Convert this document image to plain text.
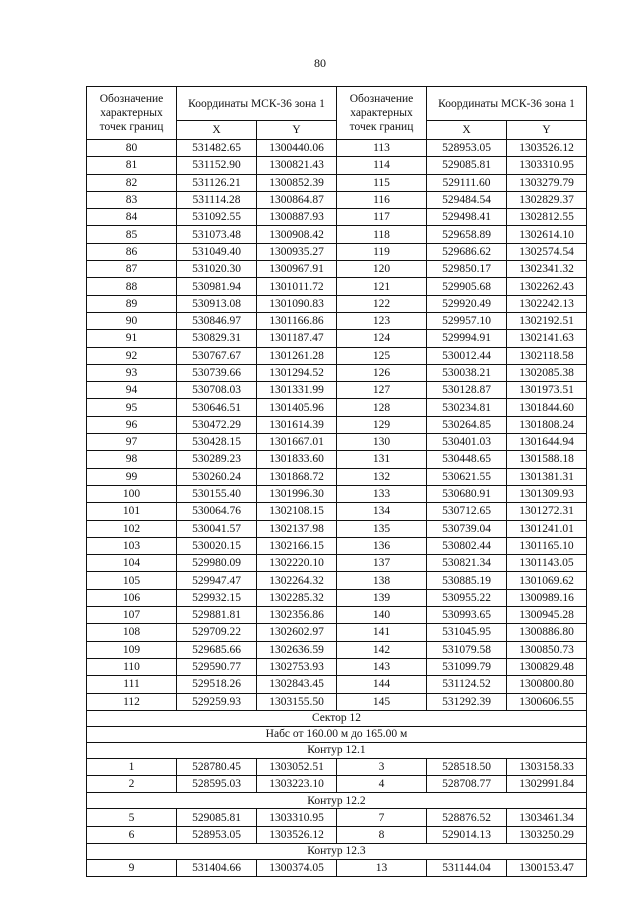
80
Обозначение характерных точек границ	Координаты МСК-36 зона 1		Обозначение характерных точек границ	Координаты МСК-36 зона 1	
	X	Y		X	Y
80	531482.65	1300440.06	113	528953.05	1303526.12
81	531152.90	1300821.43	114	529085.81	1303310.95
82	531126.21	1300852.39	115	529111.60	1303279.79
83	531114.28	1300864.87	116	529484.54	1302829.37
84	531092.55	1300887.93	117	529498.41	1302812.55
85	531073.48	1300908.42	118	529658.89	1302614.10
86	531049.40	1300935.27	119	529686.62	1302574.54
87	531020.30	1300967.91	120	529850.17	1302341.32
88	530981.94	1301011.72	121	529905.68	1302262.43
89	530913.08	1301090.83	122	529920.49	1302242.13
90	530846.97	1301166.86	123	529957.10	1302192.51
91	530829.31	1301187.47	124	529994.91	1302141.63
92	530767.67	1301261.28	125	530012.44	1302118.58
93	530739.66	1301294.52	126	530038.21	1302085.38
94	530708.03	1301331.99	127	530128.87	1301973.51
95	530646.51	1301405.96	128	530234.81	1301844.60
96	530472.29	1301614.39	129	530264.85	1301808.24
97	530428.15	1301667.01	130	530401.03	1301644.94
98	530289.23	1301833.60	131	530448.65	1301588.18
99	530260.24	1301868.72	132	530621.55	1301381.31
100	530155.40	1301996.30	133	530680.91	1301309.93
101	530064.76	1302108.15	134	530712.65	1301272.31
102	530041.57	1302137.98	135	530739.04	1301241.01
103	530020.15	1302166.15	136	530802.44	1301165.10
104	529980.09	1302220.10	137	530821.34	1301143.05
105	529947.47	1302264.32	138	530885.19	1301069.62
106	529932.15	1302285.32	139	530955.22	1300989.16
107	529881.81	1302356.86	140	530993.65	1300945.28
108	529709.22	1302602.97	141	531045.95	1300886.80
109	529685.66	1302636.59	142	531079.58	1300850.73
110	529590.77	1302753.93	143	531099.79	1300829.48
111	529518.26	1302843.45	144	531124.52	1300800.80
112	529259.93	1303155.50	145	531292.39	1300606.55
Сектор 12					
Набс от 160.00 м до 165.00 м					
Контур 12.1					
1	528780.45	1303052.51	3	528518.50	1303158.33
2	528595.03	1303223.10	4	528708.77	1302991.84
Контур 12.2					
5	529085.81	1303310.95	7	528876.52	1303461.34
6	528953.05	1303526.12	8	529014.13	1303250.29
Контур 12.3					
9	531404.66	1300374.05	13	531144.04	1300153.47
